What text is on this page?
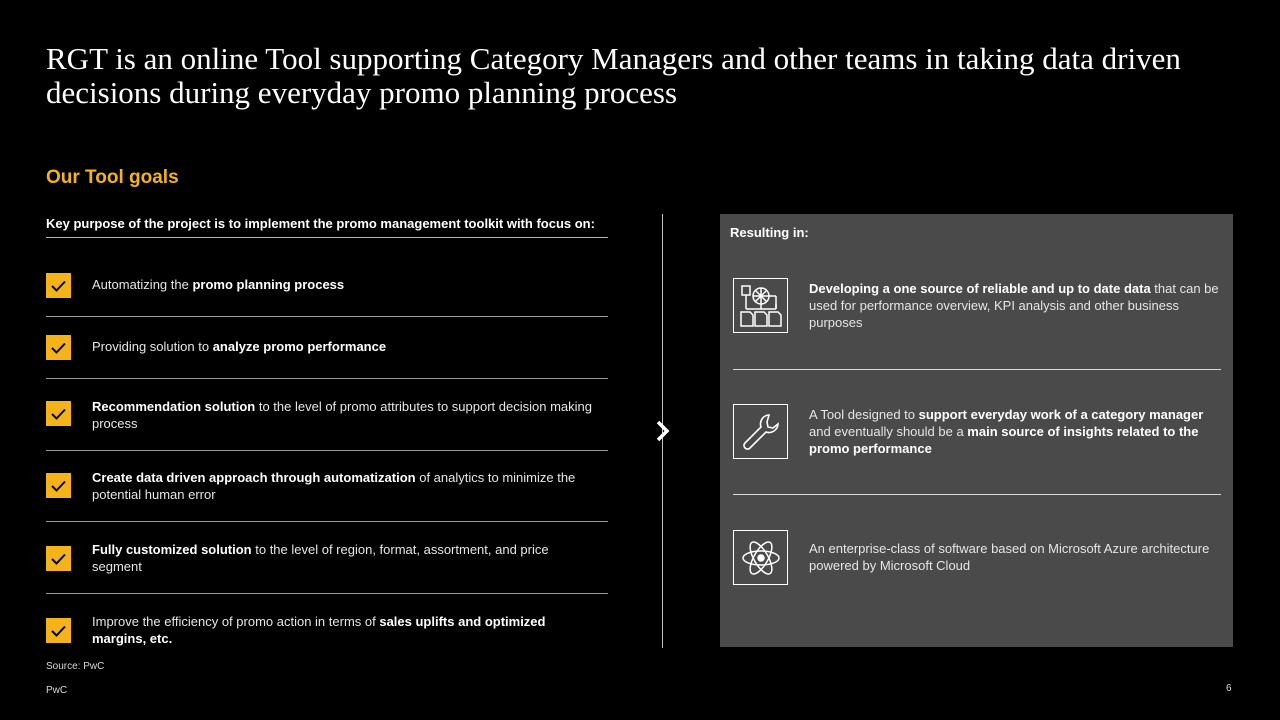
RGT is an online Tool supporting Category Managers and other teams in taking data driven decisions during everyday promo planning process
Our Tool goals
Key purpose of the project is to implement the promo management toolkit with focus on:
Automatizing the promo planning process
Providing solution to analyze promo performance
Recommendation solution to the level of promo attributes to support decision making process
Create data driven approach through automatization of analytics to minimize the potential human error
Fully customized solution to the level of region, format, assortment, and price segment
Improve the efficiency of promo action in terms of sales uplifts and optimized margins, etc.
Resulting in:
Developing a one source of reliable and up to date data that can be used for performance overview, KPI analysis and other business purposes
A Tool designed to support everyday work of a category manager and eventually should be a main source of insights related to the promo performance
An enterprise-class of software based on Microsoft Azure architecture powered by Microsoft Cloud
Source: PwC
PwC	6
